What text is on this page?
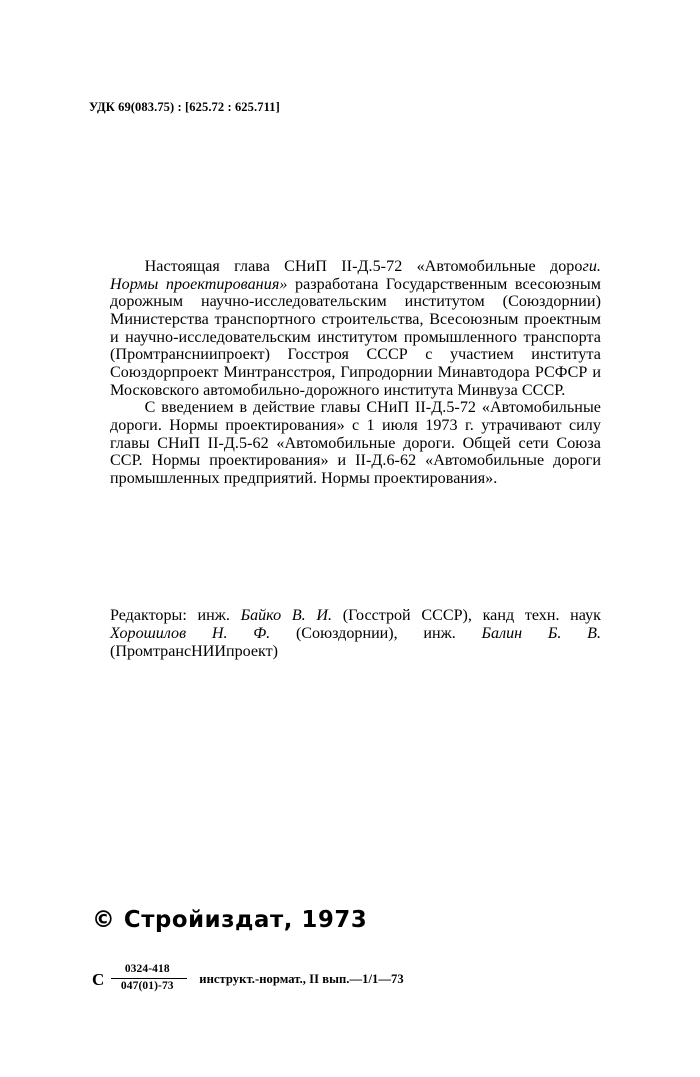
УДК 69(083.75) : [625.72 : 625.711]

Настоящая глава СНиП II-Д.5-72 «Автомобильные дороги. Нормы проектирования» разработана Государственным всесоюзным дорожным научно-исследовательским институтом (Союздорнии) Министерства транспортного строительства, Всесоюзным проектным и научно-исследовательским институтом промышленного транспорта (Промтрансниипроект) Госстроя СССР с участием института Союздорпроект Минтрансстроя, Гипродорнии Минавтодора РСФСР и Московского автомобильно-дорожного института Минвуза СССР.

С введением в действие главы СНиП II-Д.5-72 «Автомобильные дороги. Нормы проектирования» с 1 июля 1973 г. утрачивают силу главы СНиП II-Д.5-62 «Автомобильные дороги. Общей сети Союза ССР. Нормы проектирования» и II-Д.6-62 «Автомобильные дороги промышленных предприятий. Нормы проектирования».

Редакторы: инж. Байко В. И. (Госстрой СССР), канд техн. наук Хорошилов Н. Ф. (Союздорнии), инж. Балин Б. В. (ПромтрансНИИпроект)

© Стройиздат, 1973
С $\frac{0324-418}{047(01)-73}$ инструкт.-нормат., II вып.—1/1—73
